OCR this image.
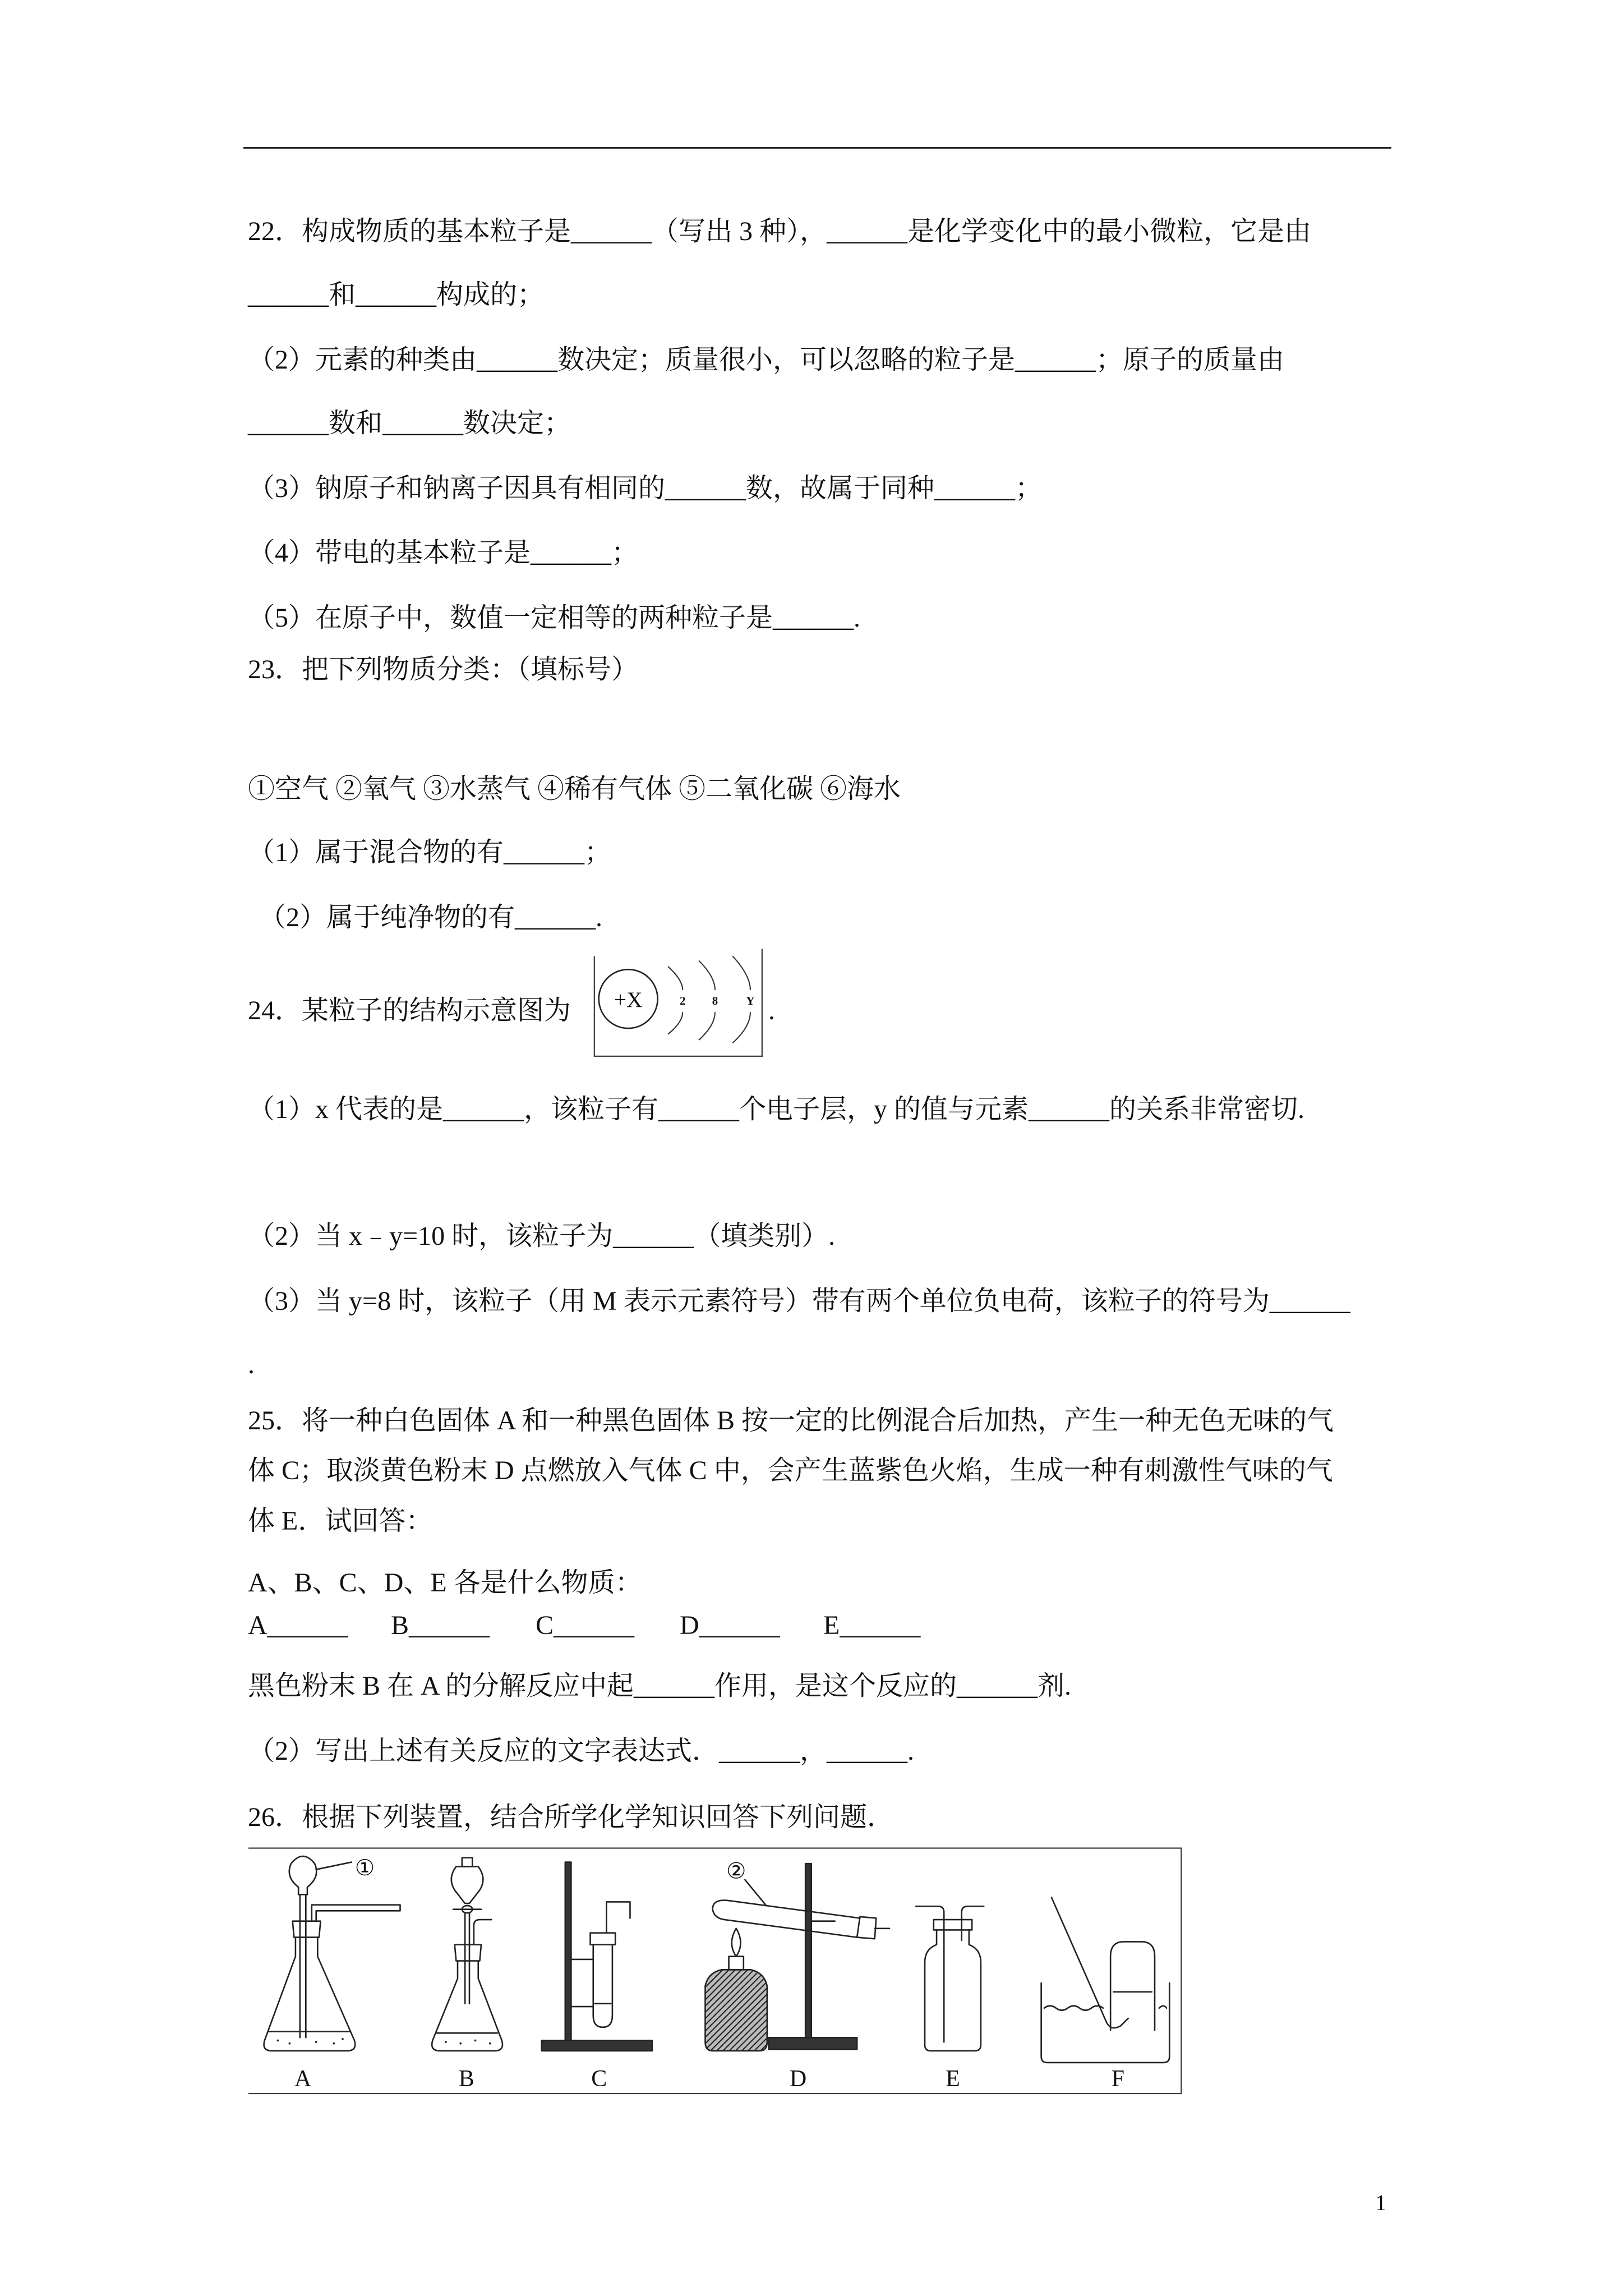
22．构成物质的基本粒子是______（写出 3 种），______是化学变化中的最小微粒，它是由
______和______构成的；
（2）元素的种类由______数决定；质量很小，可以忽略的粒子是______；原子的质量由
______数和______数决定；
（3）钠原子和钠离子因具有相同的______数，故属于同种______；
（4）带电的基本粒子是______；
（5）在原子中，数值一定相等的两种粒子是______.
23．把下列物质分类：（填标号）
①空气 ②氧气 ③水蒸气 ④稀有气体 ⑤二氧化碳 ⑥海水
（1）属于混合物的有______；
（2）属于纯净物的有______.
24．某粒子的结构示意图为	+X	2	8	Y .
（1）x 代表的是______，该粒子有______个电子层，y 的值与元素______的关系非常密切.
（2）当 x﹣y=10 时，该粒子为______（填类别）.
（3）当 y=8 时，该粒子（用 M 表示元素符号）带有两个单位负电荷，该粒子的符号为______
.
25．将一种白色固体 A 和一种黑色固体 B 按一定的比例混合后加热，产生一种无色无味的气
体 C；取淡黄色粉末 D 点燃放入气体 C 中，会产生蓝紫色火焰，生成一种有刺激性气味的气
体 E．试回答：
A、B、C、D、E 各是什么物质：
A______ B______ C______ D______ E______
黑色粉末 B 在 A 的分解反应中起______作用，是这个反应的______剂.
（2）写出上述有关反应的文字表达式．______，______.
26．根据下列装置，结合所学化学知识回答下列问题．
①	②
A	B	C	D	E	F
1
